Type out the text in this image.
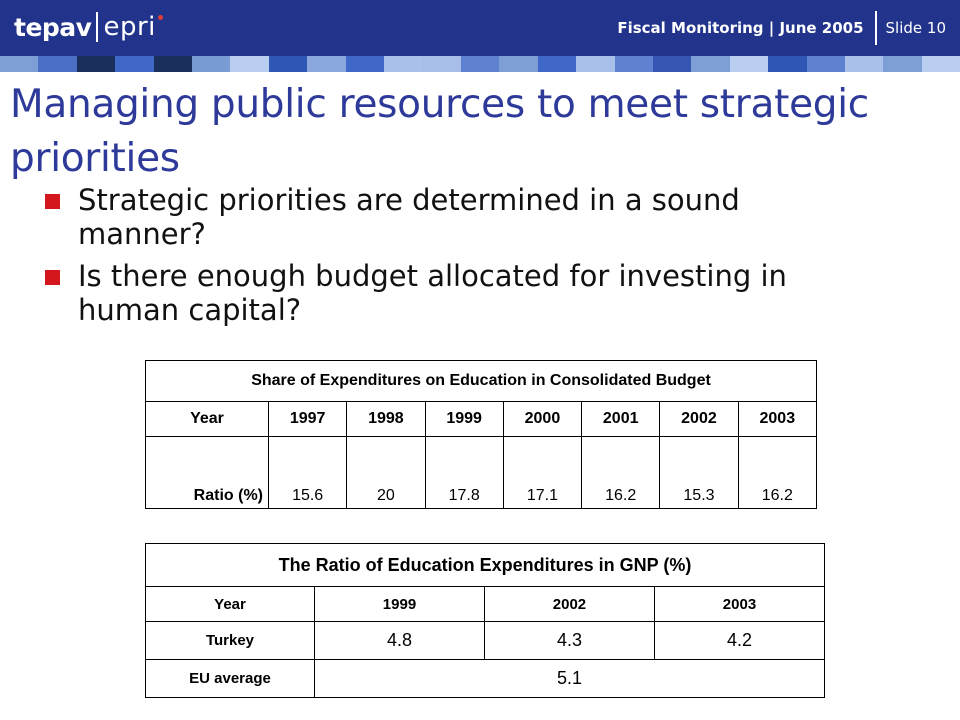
tepav epri	Fiscal Monitoring | June 2005 Slide 10
Managing public resources to meet strategic priorities
Strategic priorities are determined in a sound manner?
Is there enough budget allocated for investing in human capital?
Share of Expenditures on Education in Consolidated Budget							
Year	1997	1998	1999	2000	2001	2002	2003
Ratio (%)	15.6	20	17.8	17.1	16.2	15.3	16.2
The Ratio of Education Expenditures in GNP (%)			
Year	1999	2002	2003
Turkey	4.8	4.3	4.2
EU average	5.1		
